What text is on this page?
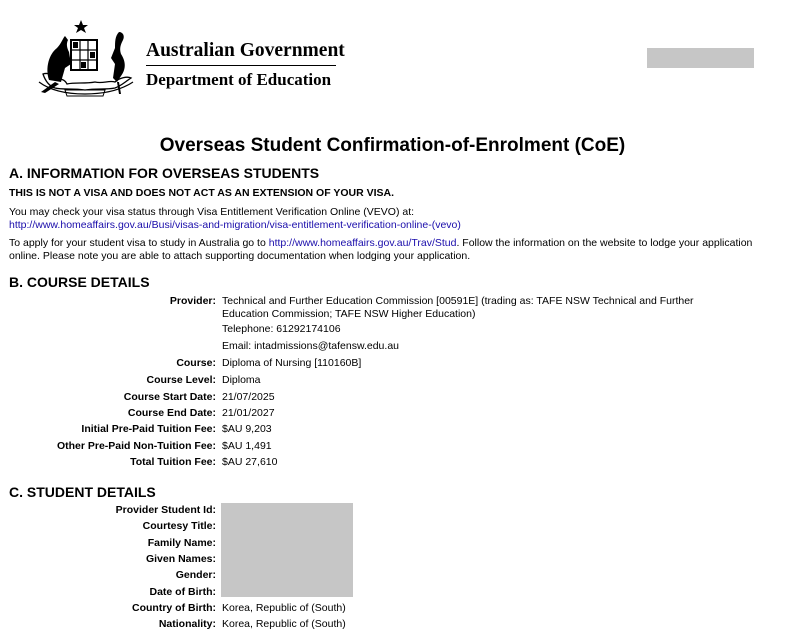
Australian Government
Department of Education
Overseas Student Confirmation-of-Enrolment (CoE)
A. INFORMATION FOR OVERSEAS STUDENTS
THIS IS NOT A VISA AND DOES NOT ACT AS AN EXTENSION OF YOUR VISA.
You may check your visa status through Visa Entitlement Verification Online (VEVO) at:
http://www.homeaffairs.gov.au/Busi/visas-and-migration/visa-entitlement-verification-online-(vevo)
To apply for your student visa to study in Australia go to http://www.homeaffairs.gov.au/Trav/Stud. Follow the information on the website to lodge your application online. Please note you are able to attach supporting documentation when lodging your application.
B. COURSE DETAILS
Provider: Technical and Further Education Commission [00591E] (trading as: TAFE NSW Technical and Further Education Commission; TAFE NSW Higher Education)
Telephone: 61292174106
Email: intadmissions@tafensw.edu.au
Course: Diploma of Nursing [110160B]
Course Level: Diploma
Course Start Date: 21/07/2025
Course End Date: 21/01/2027
Initial Pre-Paid Tuition Fee: $AU 9,203
Other Pre-Paid Non-Tuition Fee: $AU 1,491
Total Tuition Fee: $AU 27,610
C. STUDENT DETAILS
Provider Student Id:
Courtesy Title:
Family Name:
Given Names:
Gender:
Date of Birth:
Country of Birth: Korea, Republic of (South)
Nationality: Korea, Republic of (South)
